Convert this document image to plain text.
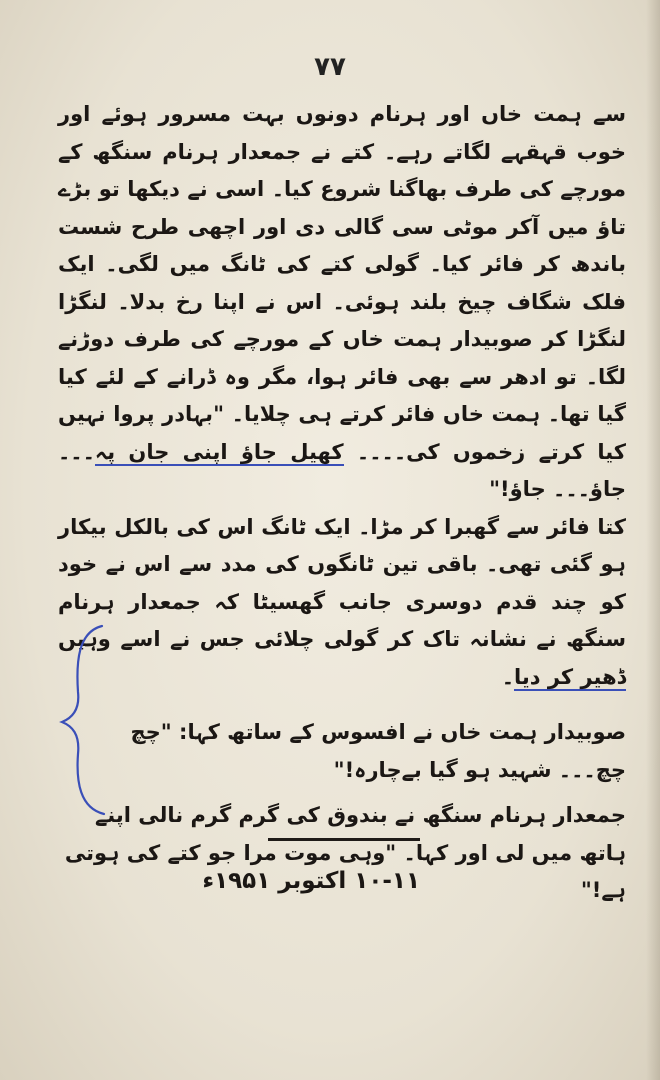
۷۷

سے ہمت خاں اور ہرنام دونوں بہت مسرور ہوئے اور خوب قہقہے لگاتے رہے۔ کتے نے جمعدار ہرنام سنگھ کے مورچے کی طرف بھاگنا شروع کیا۔ اسی نے دیکھا تو بڑے تاؤ میں آکر موٹی سی گالی دی اور اچھی طرح شست باندھ کر فائر کیا۔ گولی کتے کی ٹانگ میں لگی۔ ایک فلک شگاف چیخ بلند ہوئی۔ اس نے اپنا رخ بدلا۔ لنگڑا لنگڑا کر صوبیدار ہمت خاں کے مورچے کی طرف دوڑنے لگا۔ تو ادھر سے بھی فائر ہوا، مگر وہ ڈرانے کے لئے کیا گیا تھا۔ ہمت خاں فائر کرتے ہی چلایا۔ "بہادر پروا نہیں کیا کرتے زخموں کی۔۔۔۔ کھیل جاؤ اپنی جان پہ۔۔۔ جاؤ۔۔۔ جاؤ!"

کتا فائر سے گھبرا کر مڑا۔ ایک ٹانگ اس کی بالکل بیکار ہو گئی تھی۔ باقی تین ٹانگوں کی مدد سے اس نے خود کو چند قدم دوسری جانب گھسیٹا کہ جمعدار ہرنام سنگھ نے نشانہ تاک کر گولی چلائی جس نے اسے وہیں ڈھیر کر دیا۔

صوبیدار ہمت خاں نے افسوس کے ساتھ کہا: "چچ چچ۔۔۔ شہید ہو گیا بےچارہ!"

جمعدار ہرنام سنگھ نے بندوق کی گرم گرم نالی اپنے ہاتھ میں لی اور کہا۔ "وہی موت مرا جو کتے کی ہوتی ہے!"

۱۰-۱۱ اکتوبر ۱۹۵۱ء
